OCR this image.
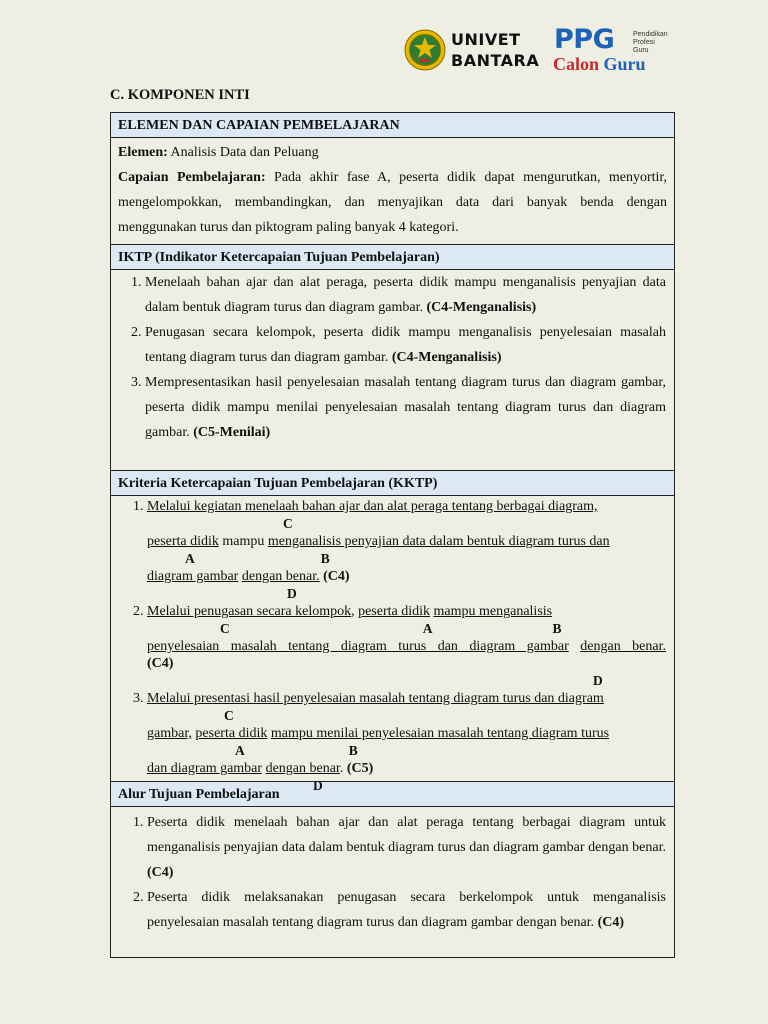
UNIVET
BANTARA
PPG	Pendidikan
Profesi
Guru
Calon Guru
C. KOMPONEN INTI
ELEMEN DAN CAPAIAN PEMBELAJARAN

Elemen: Analisis Data dan Peluang

Capaian Pembelajaran: Pada akhir fase A, peserta didik dapat mengurutkan, menyortir, mengelompokkan, membandingkan, dan menyajikan data dari banyak benda dengan menggunakan turus dan piktogram paling banyak 4 kategori.

IKTP (Indikator Ketercapaian Tujuan Pembelajaran)
1. Menelaah bahan ajar dan alat peraga, peserta didik mampu menganalisis penyajian data dalam bentuk diagram turus dan diagram gambar. (C4-Menganalisis)
2. Penugasan secara kelompok, peserta didik mampu menganalisis penyelesaian masalah tentang diagram turus dan diagram gambar. (C4-Menganalisis)
3. Mempresentasikan hasil penyelesaian masalah tentang diagram turus dan diagram gambar, peserta didik mampu menilai penyelesaian masalah tentang diagram turus dan diagram gambar. (C5-Menilai)
Kriteria Ketercapaian Tujuan Pembelajaran (KKTP)
1. Melalui kegiatan menelaah bahan ajar dan alat peraga tentang berbagai diagram,
C
peserta didik mampu menganalisis penyajian data dalam bentuk diagram turus dan
A	B
diagram gambar dengan benar. (C4)
D
2. Melalui penugasan secara kelompok, peserta didik mampu menganalisis
C	A	B
penyelesaian masalah tentang diagram turus dan diagram gambar dengan benar.
(C4)
D
3. Melalui presentasi hasil penyelesaian masalah tentang diagram turus dan diagram
C
gambar, peserta didik mampu menilai penyelesaian masalah tentang diagram turus
A	B
dan diagram gambar dengan benar. (C5)
D
Alur Tujuan Pembelajaran
1. Peserta didik menelaah bahan ajar dan alat peraga tentang berbagai diagram untuk menganalisis penyajian data dalam bentuk diagram turus dan diagram gambar dengan benar. (C4)
2. Peserta didik melaksanakan penugasan secara berkelompok untuk menganalisis penyelesaian masalah tentang diagram turus dan diagram gambar dengan benar. (C4)
